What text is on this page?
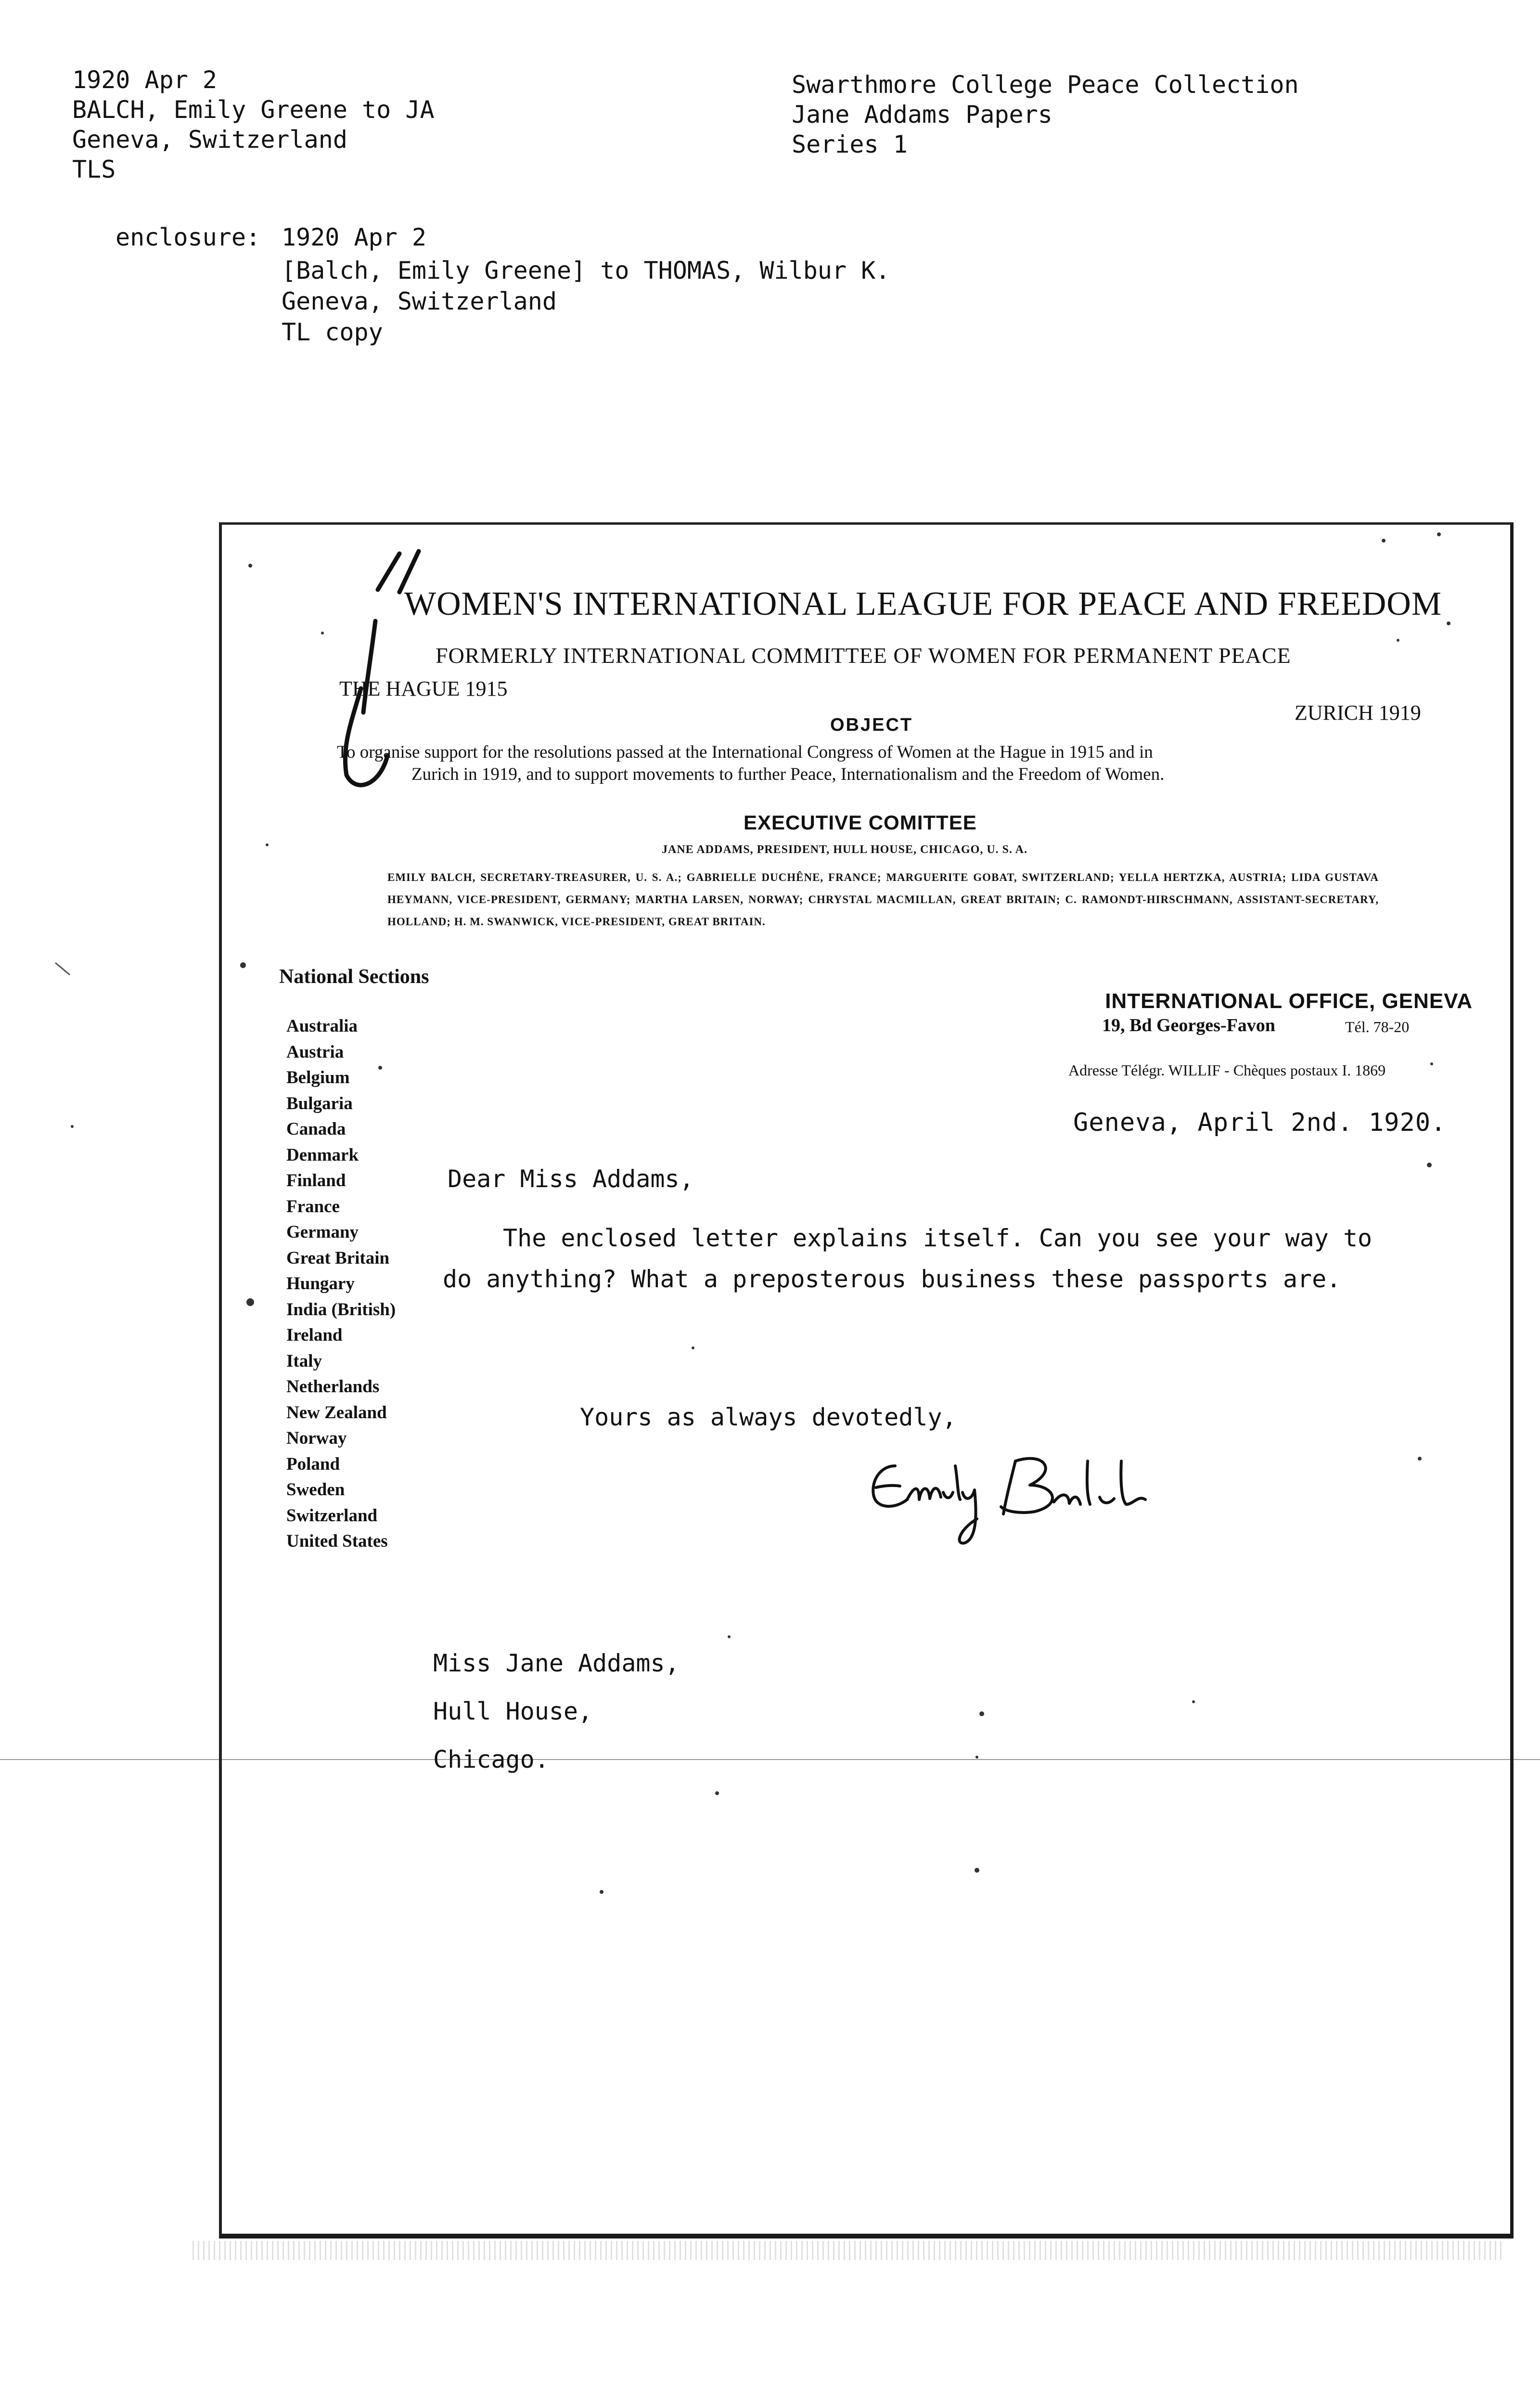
1920 Apr 2
BALCH, Emily Greene to JA
Geneva, Switzerland
TLS
Swarthmore College Peace Collection
Jane Addams Papers
Series 1
enclosure: 1920 Apr 2
[Balch, Emily Greene] to THOMAS, Wilbur K.
Geneva, Switzerland
TL copy
WOMEN'S INTERNATIONAL LEAGUE FOR PEACE AND FREEDOM
FORMERLY INTERNATIONAL COMMITTEE OF WOMEN FOR PERMANENT PEACE
THE HAGUE 1915
ZURICH 1919
OBJECT
To organise support for the resolutions passed at the International Congress of Women at the Hague in 1915 and in
Zurich in 1919, and to support movements to further Peace, Internationalism and the Freedom of Women.
EXECUTIVE COMITTEE
JANE ADDAMS, PRESIDENT, HULL HOUSE, CHICAGO, U. S. A.
EMILY BALCH, SECRETARY-TREASURER, U. S. A.; GABRIELLE DUCHÊNE, FRANCE; MARGUERITE GOBAT, SWITZERLAND; YELLA HERTZKA, AUSTRIA; LIDA GUSTAVA HEYMANN, VICE-PRESIDENT, GERMANY; MARTHA LARSEN, NORWAY; CHRYSTAL MACMILLAN, GREAT BRITAIN; C. RAMONDT-HIRSCHMANN, ASSISTANT-SECRETARY, HOLLAND; H. M. SWANWICK, VICE-PRESIDENT, GREAT BRITAIN.
National Sections
Australia
Austria
Belgium
Bulgaria
Canada
Denmark
Finland
France
Germany
Great Britain
Hungary
India (British)
Ireland
Italy
Netherlands
New Zealand
Norway
Poland
Sweden
Switzerland
United States
INTERNATIONAL OFFICE, GENEVA
19, Bd Georges-Favon	Tél. 78-20
Adresse Télégr. WILLIF - Chèques postaux I. 1869
Geneva, April 2nd. 1920.
Dear Miss Addams,
The enclosed letter explains itself. Can you see your way to do anything? What a preposterous business these passports are.
Yours as always devotedly,
Miss Jane Addams,
Hull House,
Chicago.
